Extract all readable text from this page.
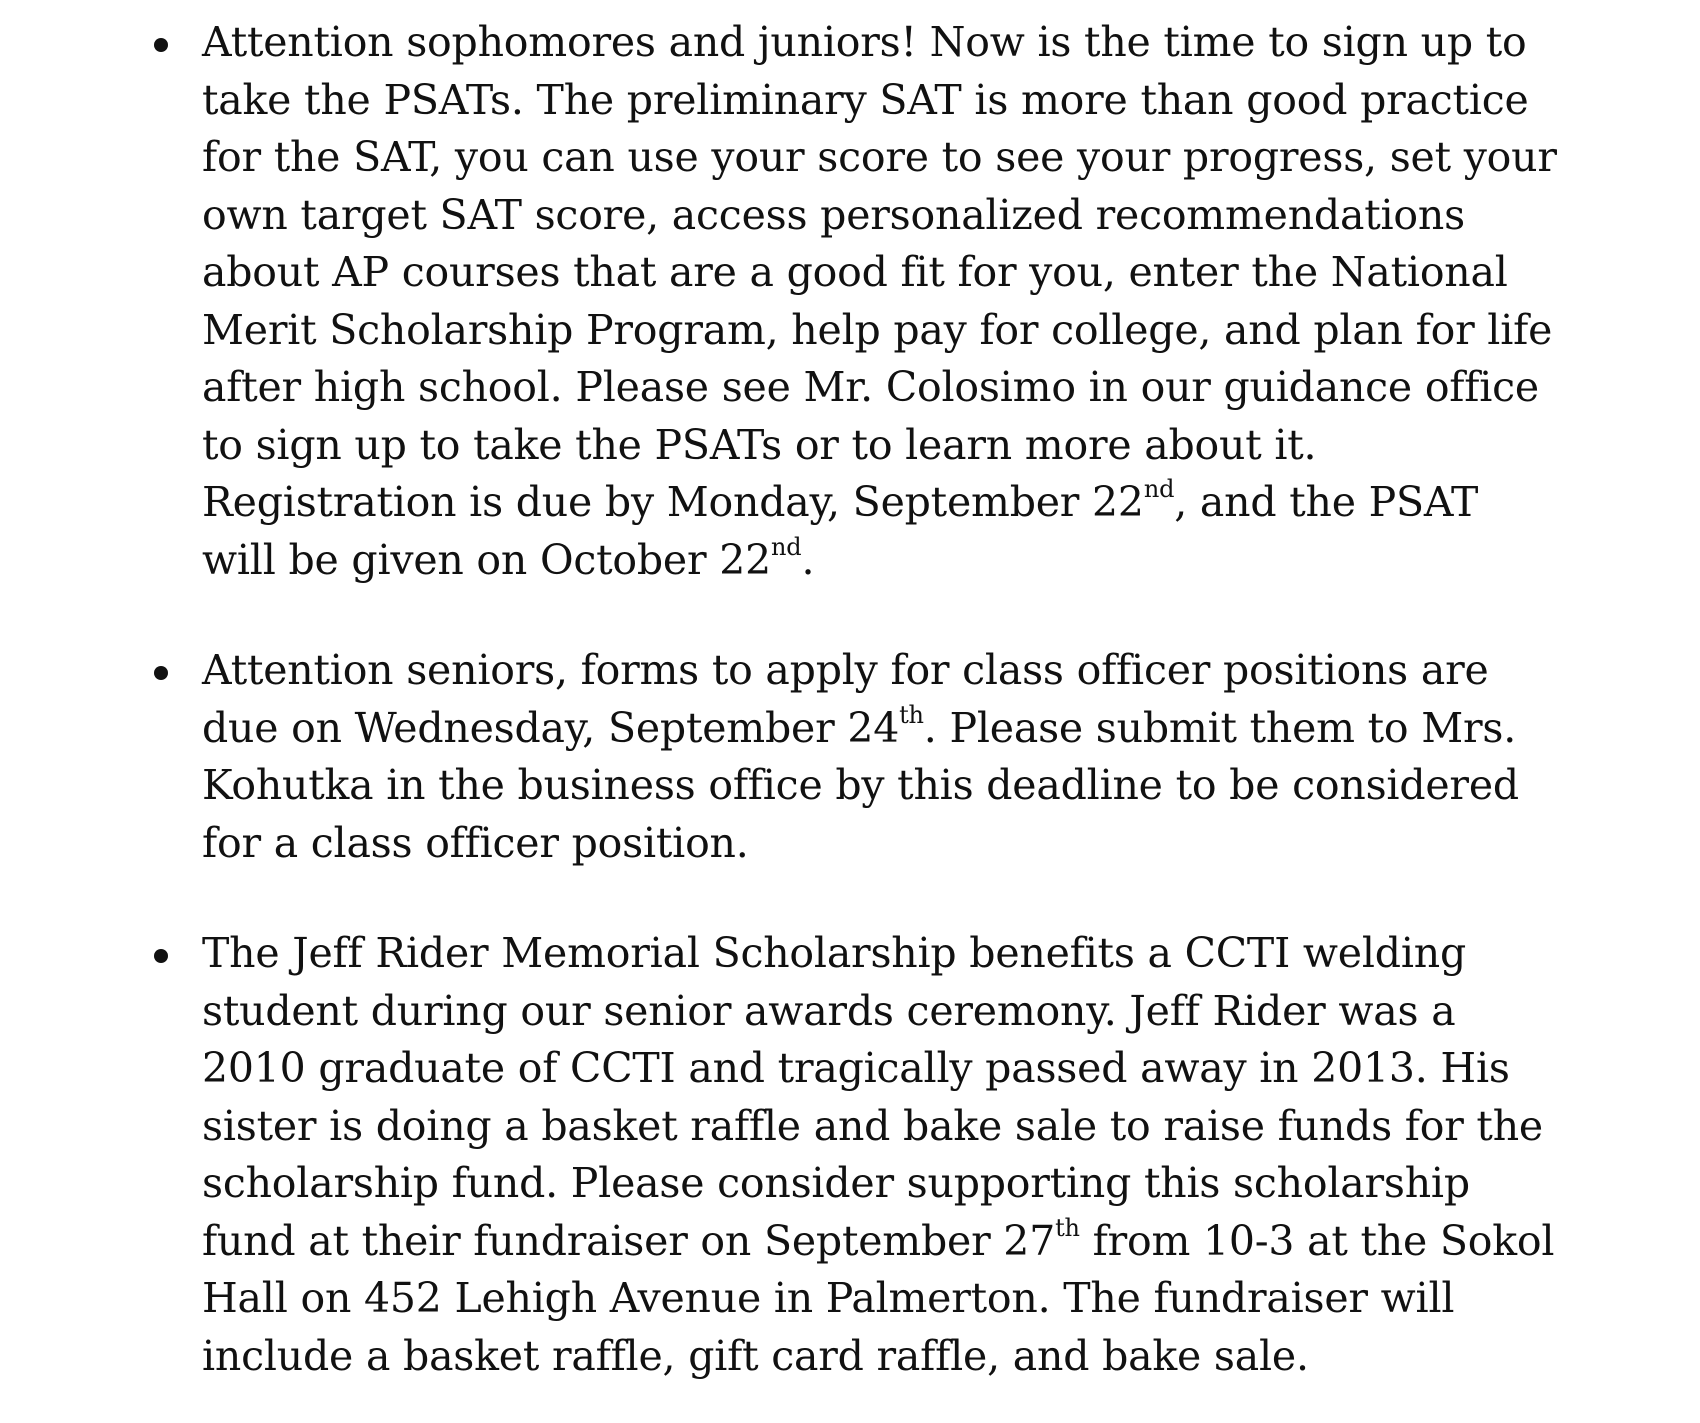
Attention sophomores and juniors! Now is the time to sign up to
take the PSATs. The preliminary SAT is more than good practice
for the SAT, you can use your score to see your progress, set your
own target SAT score, access personalized recommendations
about AP courses that are a good fit for you, enter the National
Merit Scholarship Program, help pay for college, and plan for life
after high school. Please see Mr. Colosimo in our guidance office
to sign up to take the PSATs or to learn more about it.
Registration is due by Monday, September 22nd, and the PSAT
will be given on October 22nd.
Attention seniors, forms to apply for class officer positions are
due on Wednesday, September 24th. Please submit them to Mrs.
Kohutka in the business office by this deadline to be considered
for a class officer position.
The Jeff Rider Memorial Scholarship benefits a CCTI welding
student during our senior awards ceremony. Jeff Rider was a
2010 graduate of CCTI and tragically passed away in 2013. His
sister is doing a basket raffle and bake sale to raise funds for the
scholarship fund. Please consider supporting this scholarship
fund at their fundraiser on September 27th from 10-3 at the Sokol
Hall on 452 Lehigh Avenue in Palmerton. The fundraiser will
include a basket raffle, gift card raffle, and bake sale.
